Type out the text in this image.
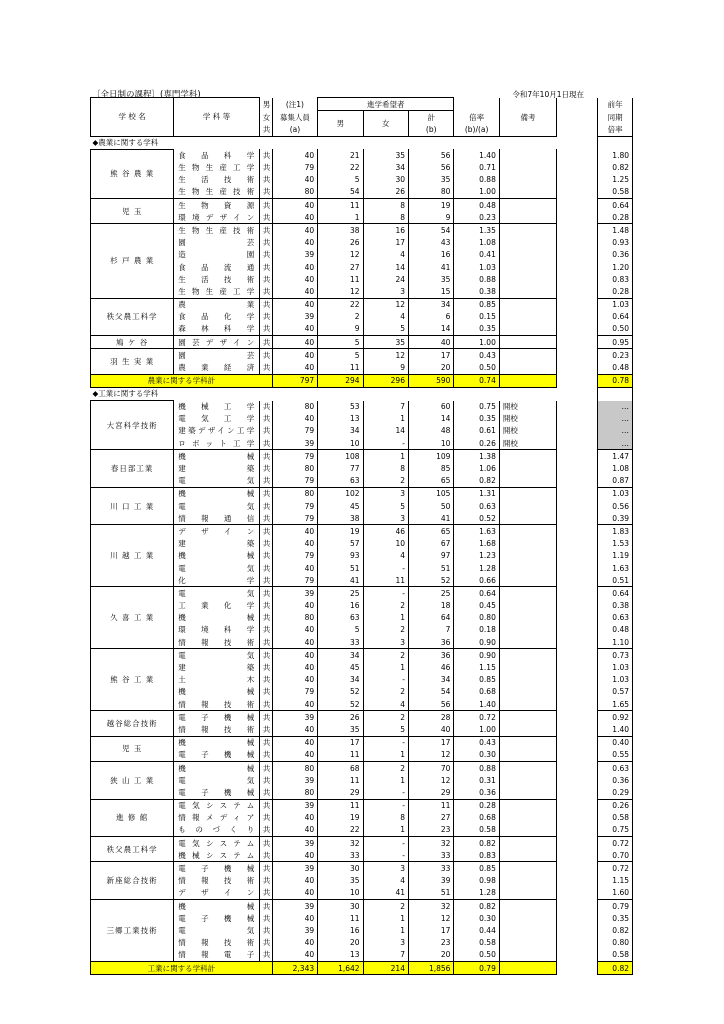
〔全日制の課程〕(専門学科)	令和7年10月1日現在
学 校 名	学 科 等	男	(注1)	進学希望者						前年
		女	募集人員	男	女	計	倍率	備考		同期
		共	(a)			(b)	(b)/(a)			倍率
◆農業に関する学科										
熊 谷 農 業	食 品 科 学	共	40	21	35	56	1.40			1.80
	生物生産工学	共	79	22	34	56	0.71			0.82
	生 活 技 術	共	40	5	30	35	0.88			1.25
	生物生産技術	共	80	54	26	80	1.00			0.58
児 玉	生 物 資 源	共	40	11	8	19	0.48			0.64
	環境デザイン	共	40	1	8	9	0.23			0.28
杉 戸 農 業	生物生産技術	共	40	38	16	54	1.35			1.48
	園 芸	共	40	26	17	43	1.08			0.93
	造 園	共	39	12	4	16	0.41			0.36
	食 品 流 通	共	40	27	14	41	1.03			1.20
	生 活 技 術	共	40	11	24	35	0.88			0.83
	生物生産工学	共	40	12	3	15	0.38			0.28
秩父農工科学	農 業	共	40	22	12	34	0.85			1.03
	食 品 化 学	共	39	2	4	6	0.15			0.64
	森 林 科 学	共	40	9	5	14	0.35			0.50
鳩 ケ 谷	園芸デザイン	共	40	5	35	40	1.00			0.95
羽 生 実 業	園 芸	共	40	5	12	17	0.43			0.23
	農 業 経 済	共	40	11	9	20	0.50			0.48
農業に関する学科計			797	294	296	590	0.74			0.78
◆工業に関する学科										
大宮科学技術	機 械 工 学	共	80	53	7	60	0.75	開校		…
	電 気 工 学	共	40	13	1	14	0.35	開校		…
	建築デザイン工学	共	79	34	14	48	0.61	開校		…
	ロボット工学	共	39	10	-	10	0.26	開校		…
春日部工業	機 械	共	79	108	1	109	1.38			1.47
	建 築	共	80	77	8	85	1.06			1.08
	電 気	共	79	63	2	65	0.82			0.87
川 口 工 業	機 械	共	80	102	3	105	1.31			1.03
	電 気	共	79	45	5	50	0.63			0.56
	情 報 通 信	共	79	38	3	41	0.52			0.39
川 越 工 業	デ ザ イ ン	共	40	19	46	65	1.63			1.83
	建 築	共	40	57	10	67	1.68			1.53
	機 械	共	79	93	4	97	1.23			1.19
	電 気	共	40	51	-	51	1.28			1.63
	化 学	共	79	41	11	52	0.66			0.51
久 喜 工 業	電 気	共	39	25	-	25	0.64			0.64
	工 業 化 学	共	40	16	2	18	0.45			0.38
	機 械	共	80	63	1	64	0.80			0.63
	環 境 科 学	共	40	5	2	7	0.18			0.48
	情 報 技 術	共	40	33	3	36	0.90			1.10
熊 谷 工 業	電 気	共	40	34	2	36	0.90			0.73
	建 築	共	40	45	1	46	1.15			1.03
	土 木	共	40	34	-	34	0.85			1.03
	機 械	共	79	52	2	54	0.68			0.57
	情 報 技 術	共	40	52	4	56	1.40			1.65
越谷総合技術	電 子 機 械	共	39	26	2	28	0.72			0.92
	情 報 技 術	共	40	35	5	40	1.00			1.40
児 玉	機 械	共	40	17	-	17	0.43			0.40
	電 子 機 械	共	40	11	1	12	0.30			0.55
狭 山 工 業	機 械	共	80	68	2	70	0.88			0.63
	電 気	共	39	11	1	12	0.31			0.36
	電 子 機 械	共	80	29	-	29	0.36			0.29
進 修 館	電気システム	共	39	11	-	11	0.28			0.26
	情報メディア	共	40	19	8	27	0.68			0.58
	ものづくり	共	40	22	1	23	0.58			0.75
秩父農工科学	電気システム	共	39	32	-	32	0.82			0.72
	機械システム	共	40	33	-	33	0.83			0.70
新座総合技術	電 子 機 械	共	39	30	3	33	0.85			0.72
	情 報 技 術	共	40	35	4	39	0.98			1.15
	デ ザ イ ン	共	40	10	41	51	1.28			1.60
三郷工業技術	機 械	共	39	30	2	32	0.82			0.79
	電 子 機 械	共	40	11	1	12	0.30			0.35
	電 気	共	39	16	1	17	0.44			0.82
	情 報 技 術	共	40	20	3	23	0.58			0.80
	情 報 電 子	共	40	13	7	20	0.50			0.58
工業に関する学科計			2,343	1,642	214	1,856	0.79			0.82
